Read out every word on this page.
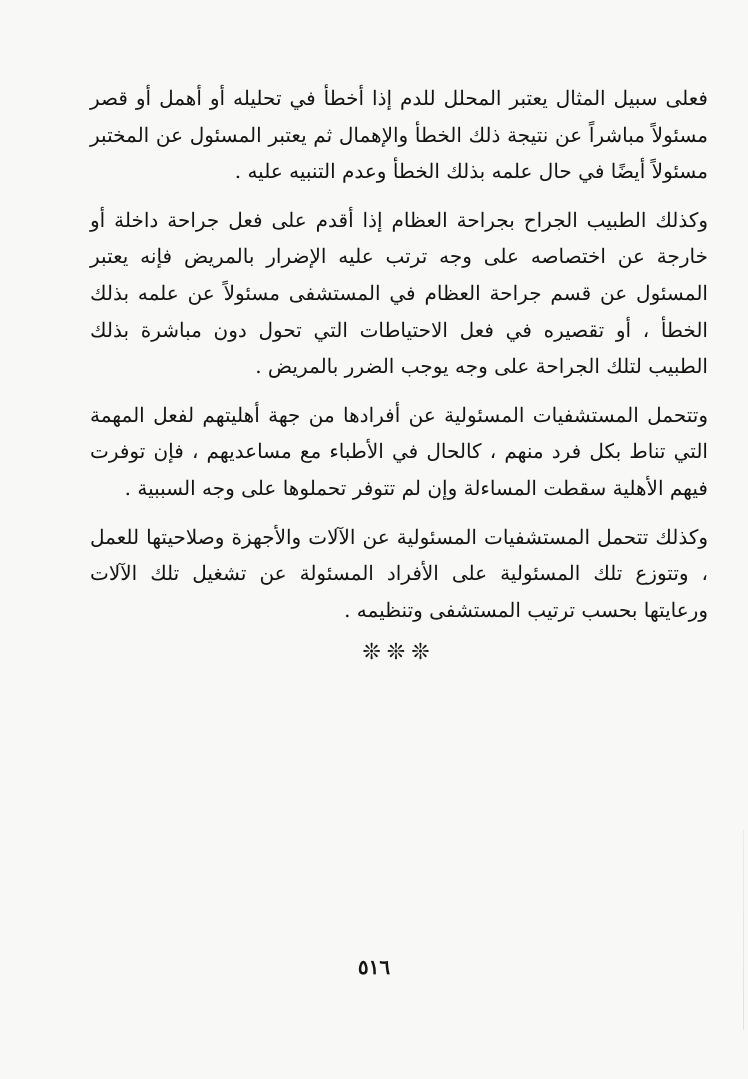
فعلى سبيل المثال يعتبر المحلل للدم إذا أخطأ في تحليله أو أهمل أو قصر مسئولاً مباشراً عن نتيجة ذلك الخطأ والإهمال ثم يعتبر المسئول عن المختبر مسئولاً أيضًا في حال علمه بذلك الخطأ وعدم التنبيه عليه .

وكذلك الطبيب الجراح بجراحة العظام إذا أقدم على فعل جراحة داخلة أو خارجة عن اختصاصه على وجه ترتب عليه الإضرار بالمريض فإنه يعتبر المسئول عن قسم جراحة العظام في المستشفى مسئولاً عن علمه بذلك الخطأ ، أو تقصيره في فعل الاحتياطات التي تحول دون مباشرة بذلك الطبيب لتلك الجراحة على وجه يوجب الضرر بالمريض .

وتتحمل المستشفيات المسئولية عن أفرادها من جهة أهليتهم لفعل المهمة التي تناط بكل فرد منهم ، كالحال في الأطباء مع مساعديهم ، فإن توفرت فيهم الأهلية سقطت المساءلة وإن لم تتوفر تحملوها على وجه السببية .

وكذلك تتحمل المستشفيات المسئولية عن الآلات والأجهزة وصلاحيتها للعمل ، وتتوزع تلك المسئولية على الأفراد المسئولة عن تشغيل تلك الآلات ورعايتها بحسب ترتيب المستشفى وتنظيمه .

❊❊❊
٥١٦
